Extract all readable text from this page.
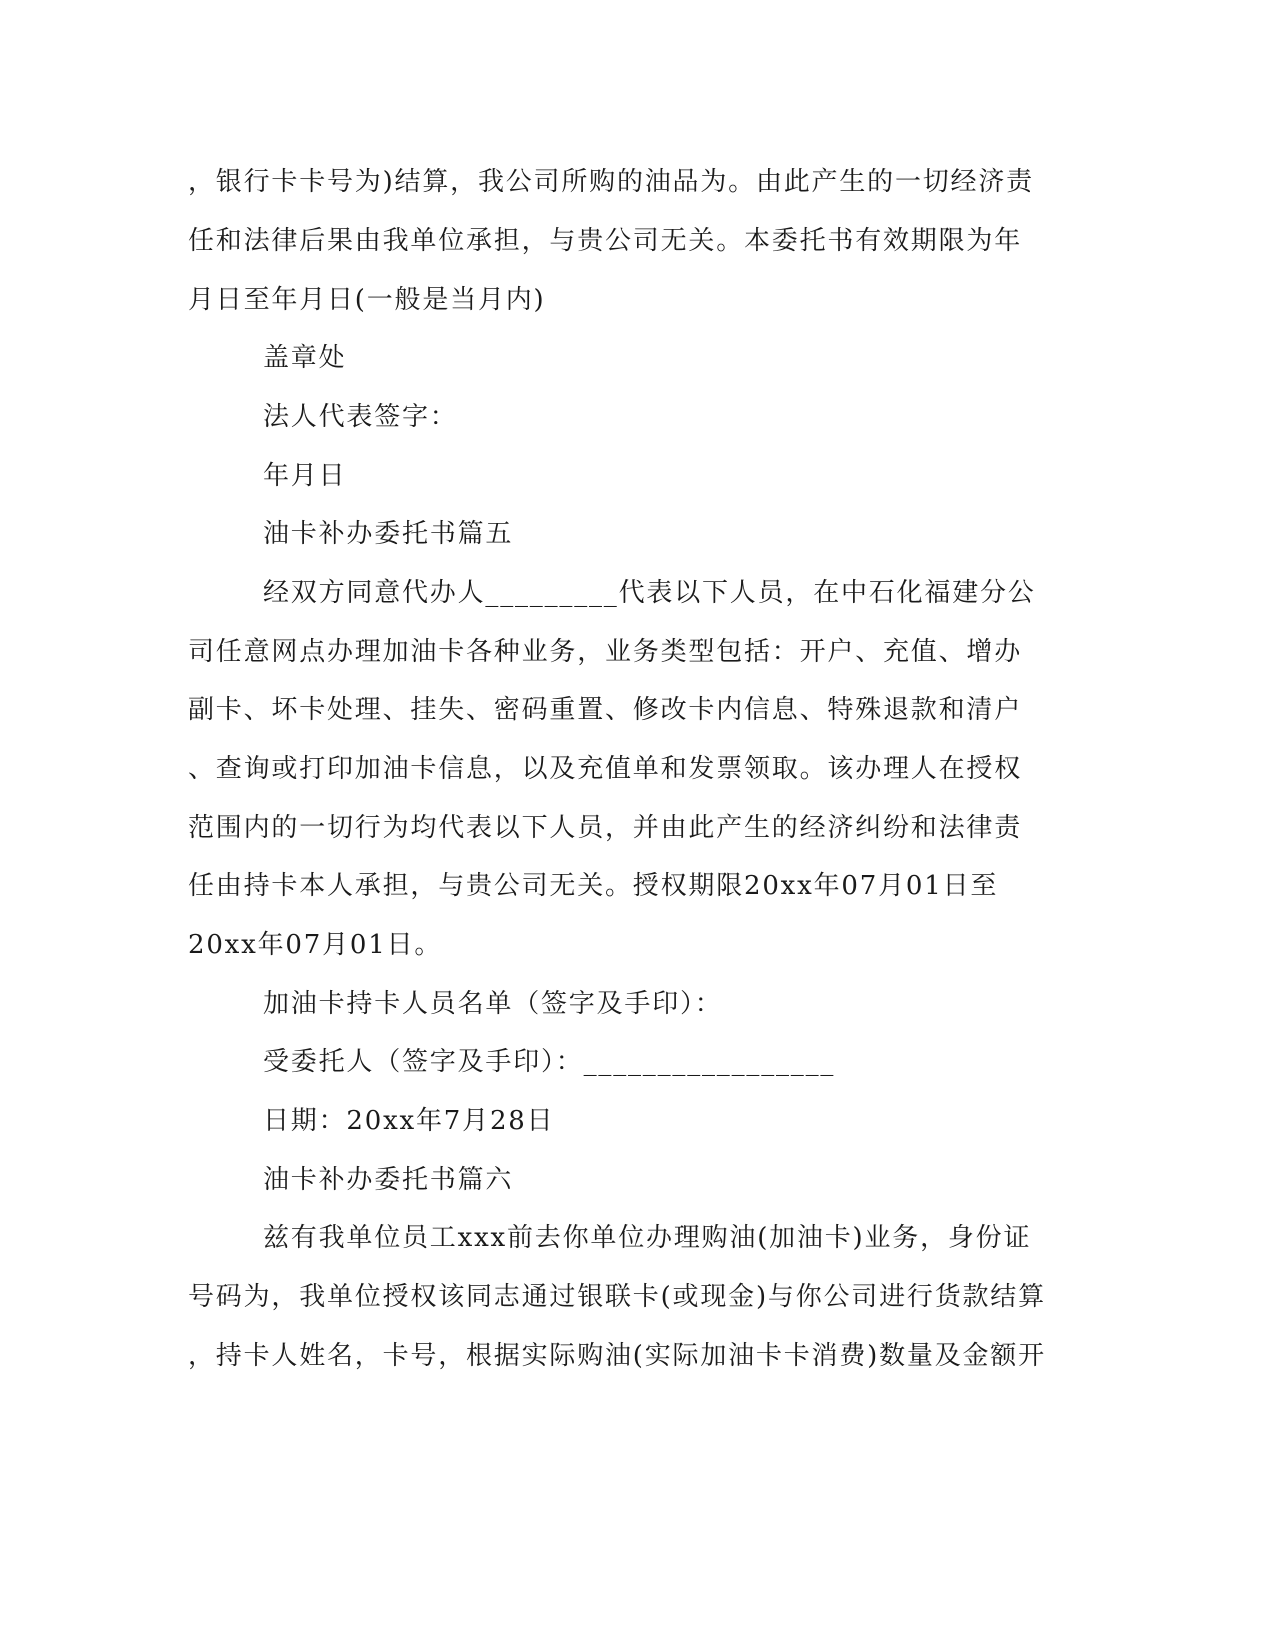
，银行卡卡号为)结算，我公司所购的油品为。由此产生的一切经济责
任和法律后果由我单位承担，与贵公司无关。本委托书有效期限为年
月日至年月日(一般是当月内)
盖章处
法人代表签字：
年月日
油卡补办委托书篇五
经双方同意代办人_________代表以下人员，在中石化福建分公
司任意网点办理加油卡各种业务，业务类型包括：开户、充值、增办
副卡、坏卡处理、挂失、密码重置、修改卡内信息、特殊退款和清户
、查询或打印加油卡信息，以及充值单和发票领取。该办理人在授权
范围内的一切行为均代表以下人员，并由此产生的经济纠纷和法律责
任由持卡本人承担，与贵公司无关。授权期限20xx年07月01日至
20xx年07月01日。
加油卡持卡人员名单（签字及手印）：
受委托人（签字及手印）：_________________
日期：20xx年7月28日
油卡补办委托书篇六
兹有我单位员工xxx前去你单位办理购油(加油卡)业务，身份证
号码为，我单位授权该同志通过银联卡(或现金)与你公司进行货款结算
，持卡人姓名，卡号，根据实际购油(实际加油卡卡消费)数量及金额开
